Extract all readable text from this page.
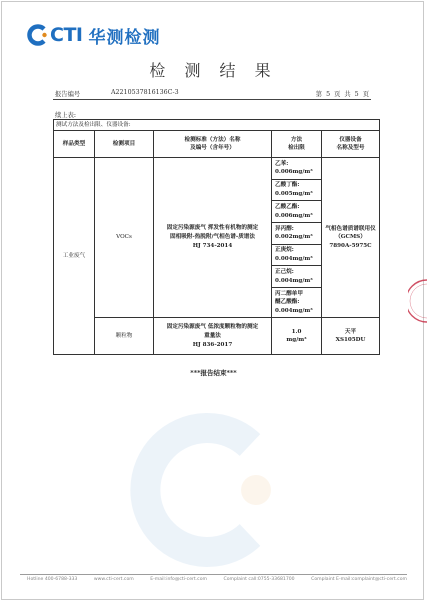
CTI 华测检测
检 测 结 果
报告编号	A2210537816136C-3	第 5 页 共 5 页
续上表:
测试方法及检出限、仪器设备:				
样品类型	检测项目	检测标准（方法）名称
及编号（含年号）	方法
检出限	仪器设备
名称及型号
工业废气	VOCs	固定污染源废气 挥发性有机物的测定
固相吸附-热脱附/气相色谱-质谱法
HJ 734-2014	乙苯:
0.006mg/m³	气相色谱质谱联用仪
（GCMS）
7890A-5975C
			乙酸丁酯:
0.005mg/m³	
			乙酸乙酯:
0.006mg/m³	
			异丙醇:
0.002mg/m³	
			正庚烷:
0.004mg/m³	
			正己烷:
0.004mg/m³	
			丙二醇单甲
醚乙酸酯:
0.004mg/m³	
	颗粒物	固定污染源废气 低浓度颗粒物的测定
重量法
HJ 836-2017	1.0
mg/m³	天平
XS105DU
***报告结束***
Hotline 400-6788-333	www.cti-cert.com	E-mail:info@cti-cert.com	Complaint call:0755-33681700	Complaint E-mail:complaint@cti-cert.com
